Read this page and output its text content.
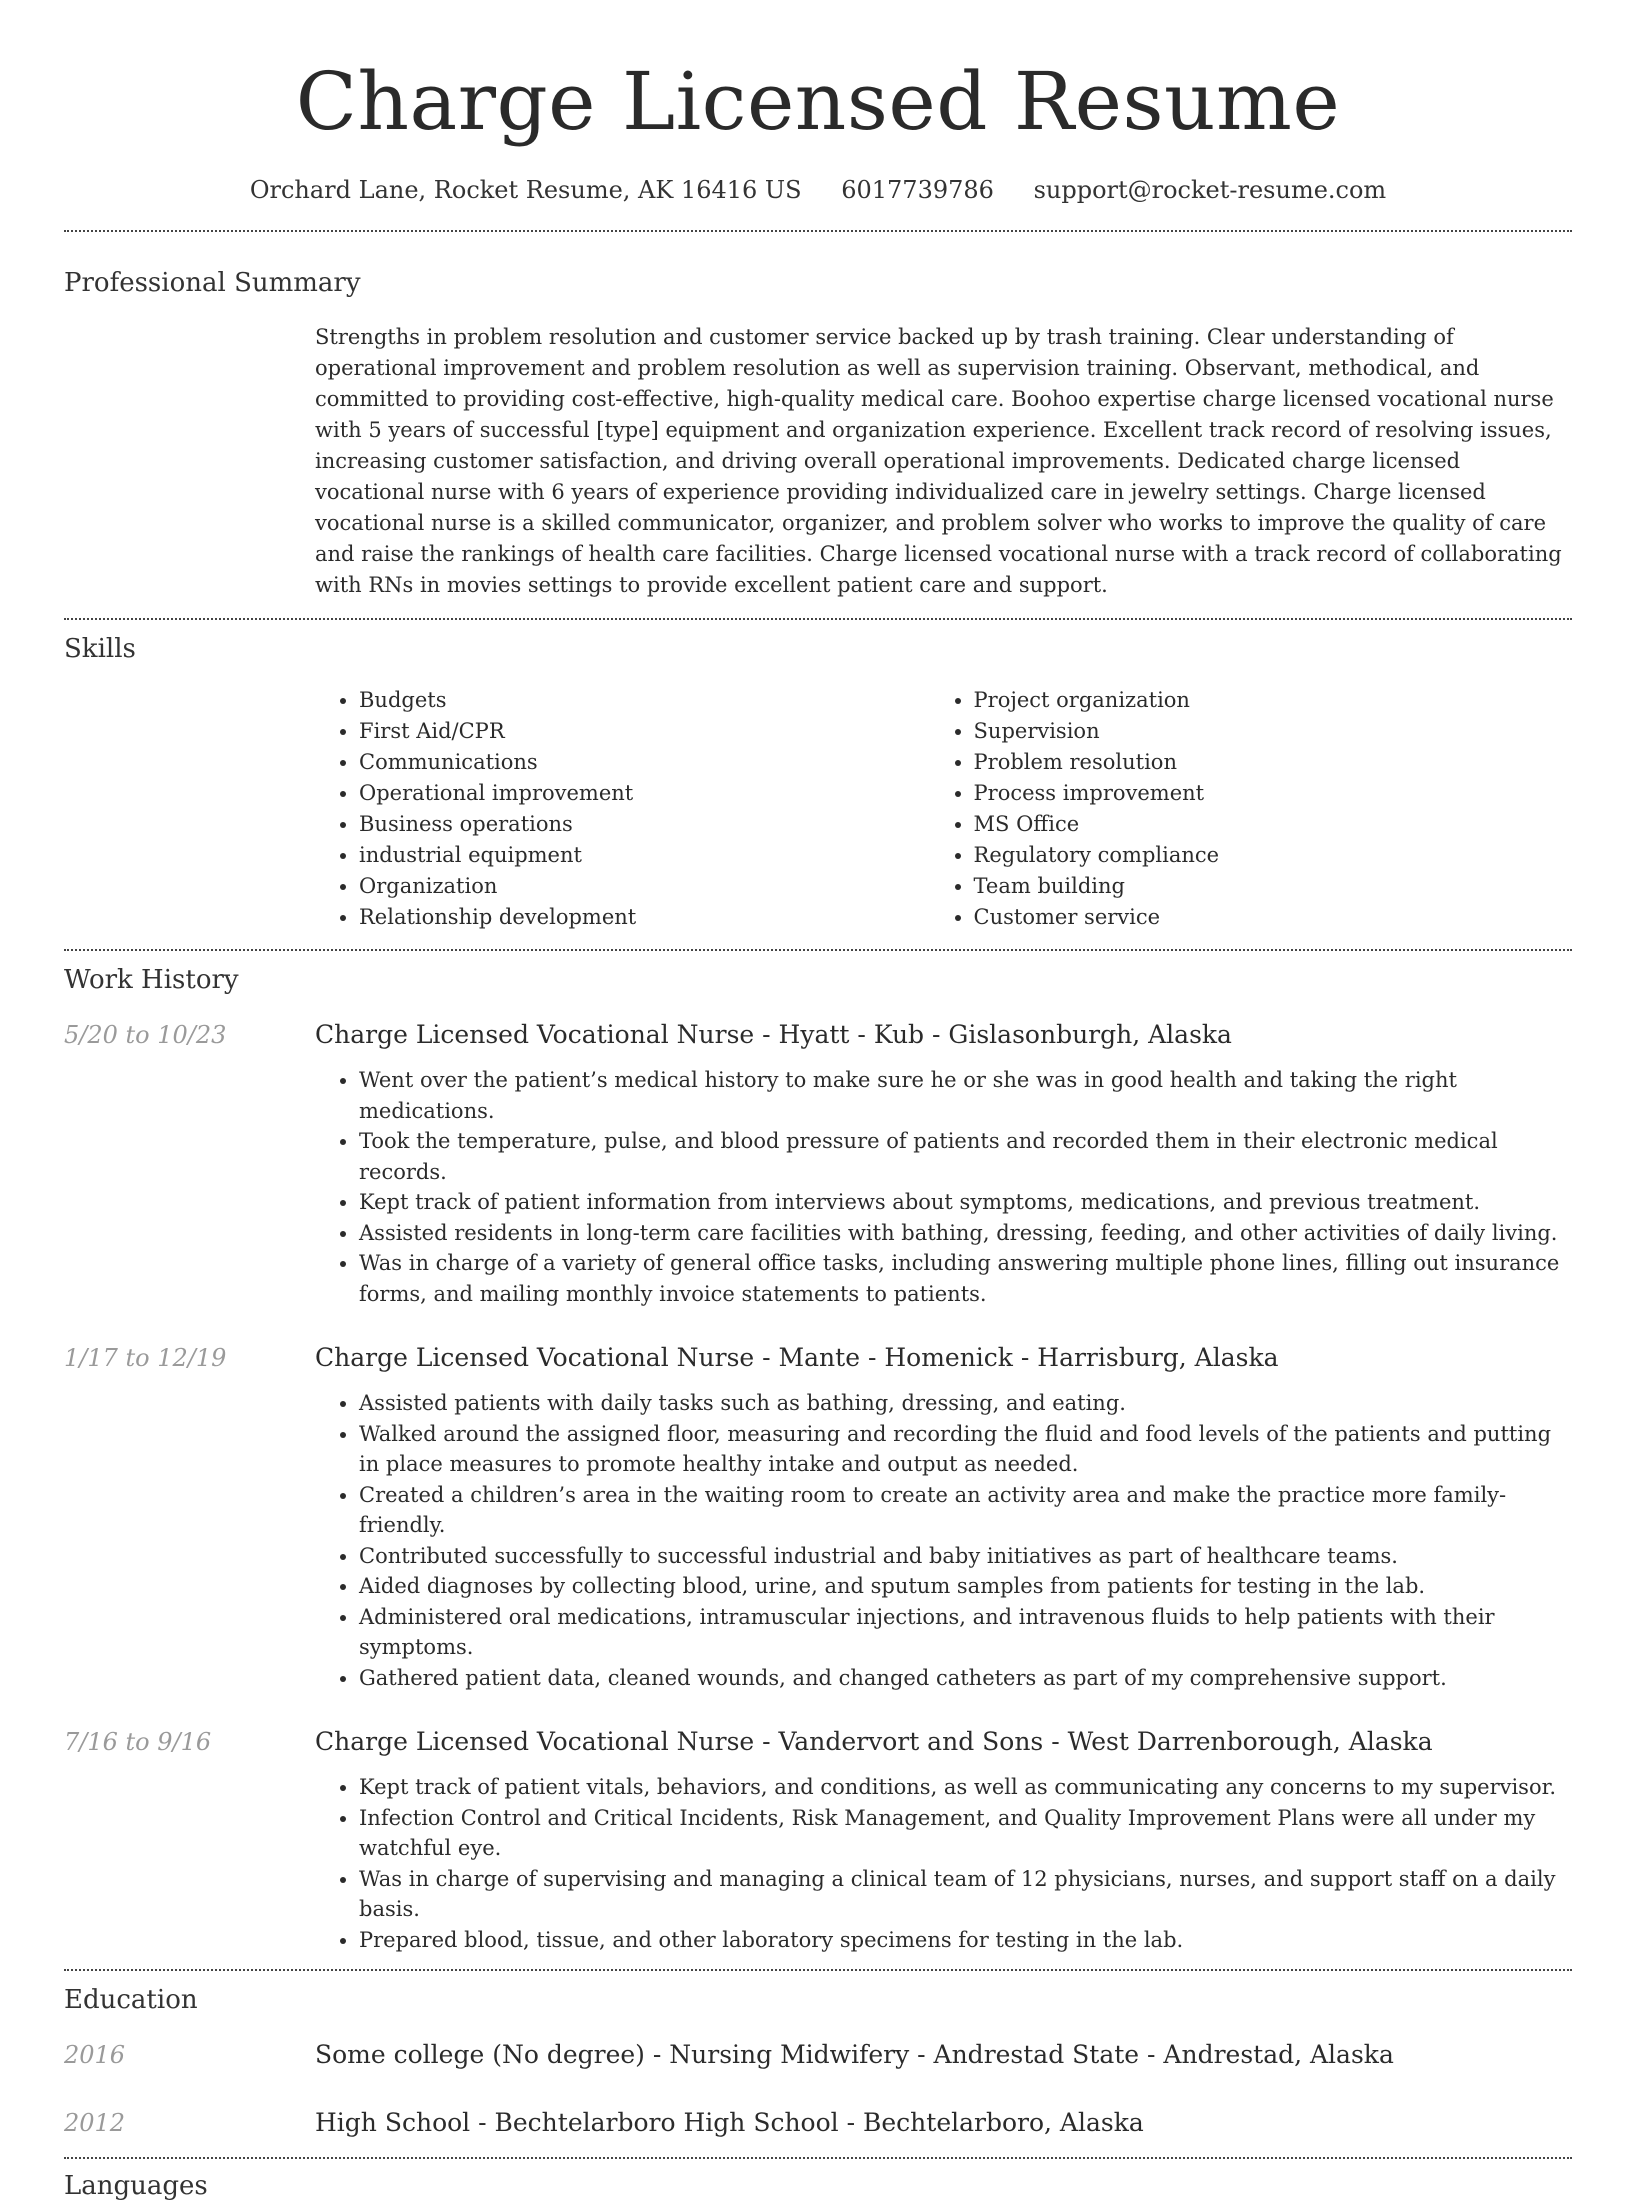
Charge Licensed Resume
Orchard Lane, Rocket Resume, AK 16416 US 6017739786 support@rocket-resume.com
Professional Summary
Strengths in problem resolution and customer service backed up by trash training. Clear understanding of operational improvement and problem resolution as well as supervision training. Observant, methodical, and committed to providing cost-effective, high-quality medical care. Boohoo expertise charge licensed vocational nurse with 5 years of successful [type] equipment and organization experience. Excellent track record of resolving issues, increasing customer satisfaction, and driving overall operational improvements. Dedicated charge licensed vocational nurse with 6 years of experience providing individualized care in jewelry settings. Charge licensed vocational nurse is a skilled communicator, organizer, and problem solver who works to improve the quality of care and raise the rankings of health care facilities. Charge licensed vocational nurse with a track record of collaborating with RNs in movies settings to provide excellent patient care and support.
Skills
• Budgets
• First Aid/CPR
• Communications
• Operational improvement
• Business operations
• industrial equipment
• Organization
• Relationship development
• Project organization
• Supervision
• Problem resolution
• Process improvement
• MS Office
• Regulatory compliance
• Team building
• Customer service
Work History
5/20 to 10/23	Charge Licensed Vocational Nurse - Hyatt - Kub - Gislasonburgh, Alaska
• Went over the patient’s medical history to make sure he or she was in good health and taking the right medications.
• Took the temperature, pulse, and blood pressure of patients and recorded them in their electronic medical records.
• Kept track of patient information from interviews about symptoms, medications, and previous treatment.
• Assisted residents in long-term care facilities with bathing, dressing, feeding, and other activities of daily living.
• Was in charge of a variety of general office tasks, including answering multiple phone lines, filling out insurance forms, and mailing monthly invoice statements to patients.
1/17 to 12/19	Charge Licensed Vocational Nurse - Mante - Homenick - Harrisburg, Alaska
• Assisted patients with daily tasks such as bathing, dressing, and eating.
• Walked around the assigned floor, measuring and recording the fluid and food levels of the patients and putting in place measures to promote healthy intake and output as needed.
• Created a children’s area in the waiting room to create an activity area and make the practice more family-friendly.
• Contributed successfully to successful industrial and baby initiatives as part of healthcare teams.
• Aided diagnoses by collecting blood, urine, and sputum samples from patients for testing in the lab.
• Administered oral medications, intramuscular injections, and intravenous fluids to help patients with their symptoms.
• Gathered patient data, cleaned wounds, and changed catheters as part of my comprehensive support.
7/16 to 9/16	Charge Licensed Vocational Nurse - Vandervort and Sons - West Darrenborough, Alaska
• Kept track of patient vitals, behaviors, and conditions, as well as communicating any concerns to my supervisor.
• Infection Control and Critical Incidents, Risk Management, and Quality Improvement Plans were all under my watchful eye.
• Was in charge of supervising and managing a clinical team of 12 physicians, nurses, and support staff on a daily basis.
• Prepared blood, tissue, and other laboratory specimens for testing in the lab.
Education
2016	Some college (No degree) - Nursing Midwifery - Andrestad State - Andrestad, Alaska
2012	High School - Bechtelarboro High School - Bechtelarboro, Alaska
Languages
